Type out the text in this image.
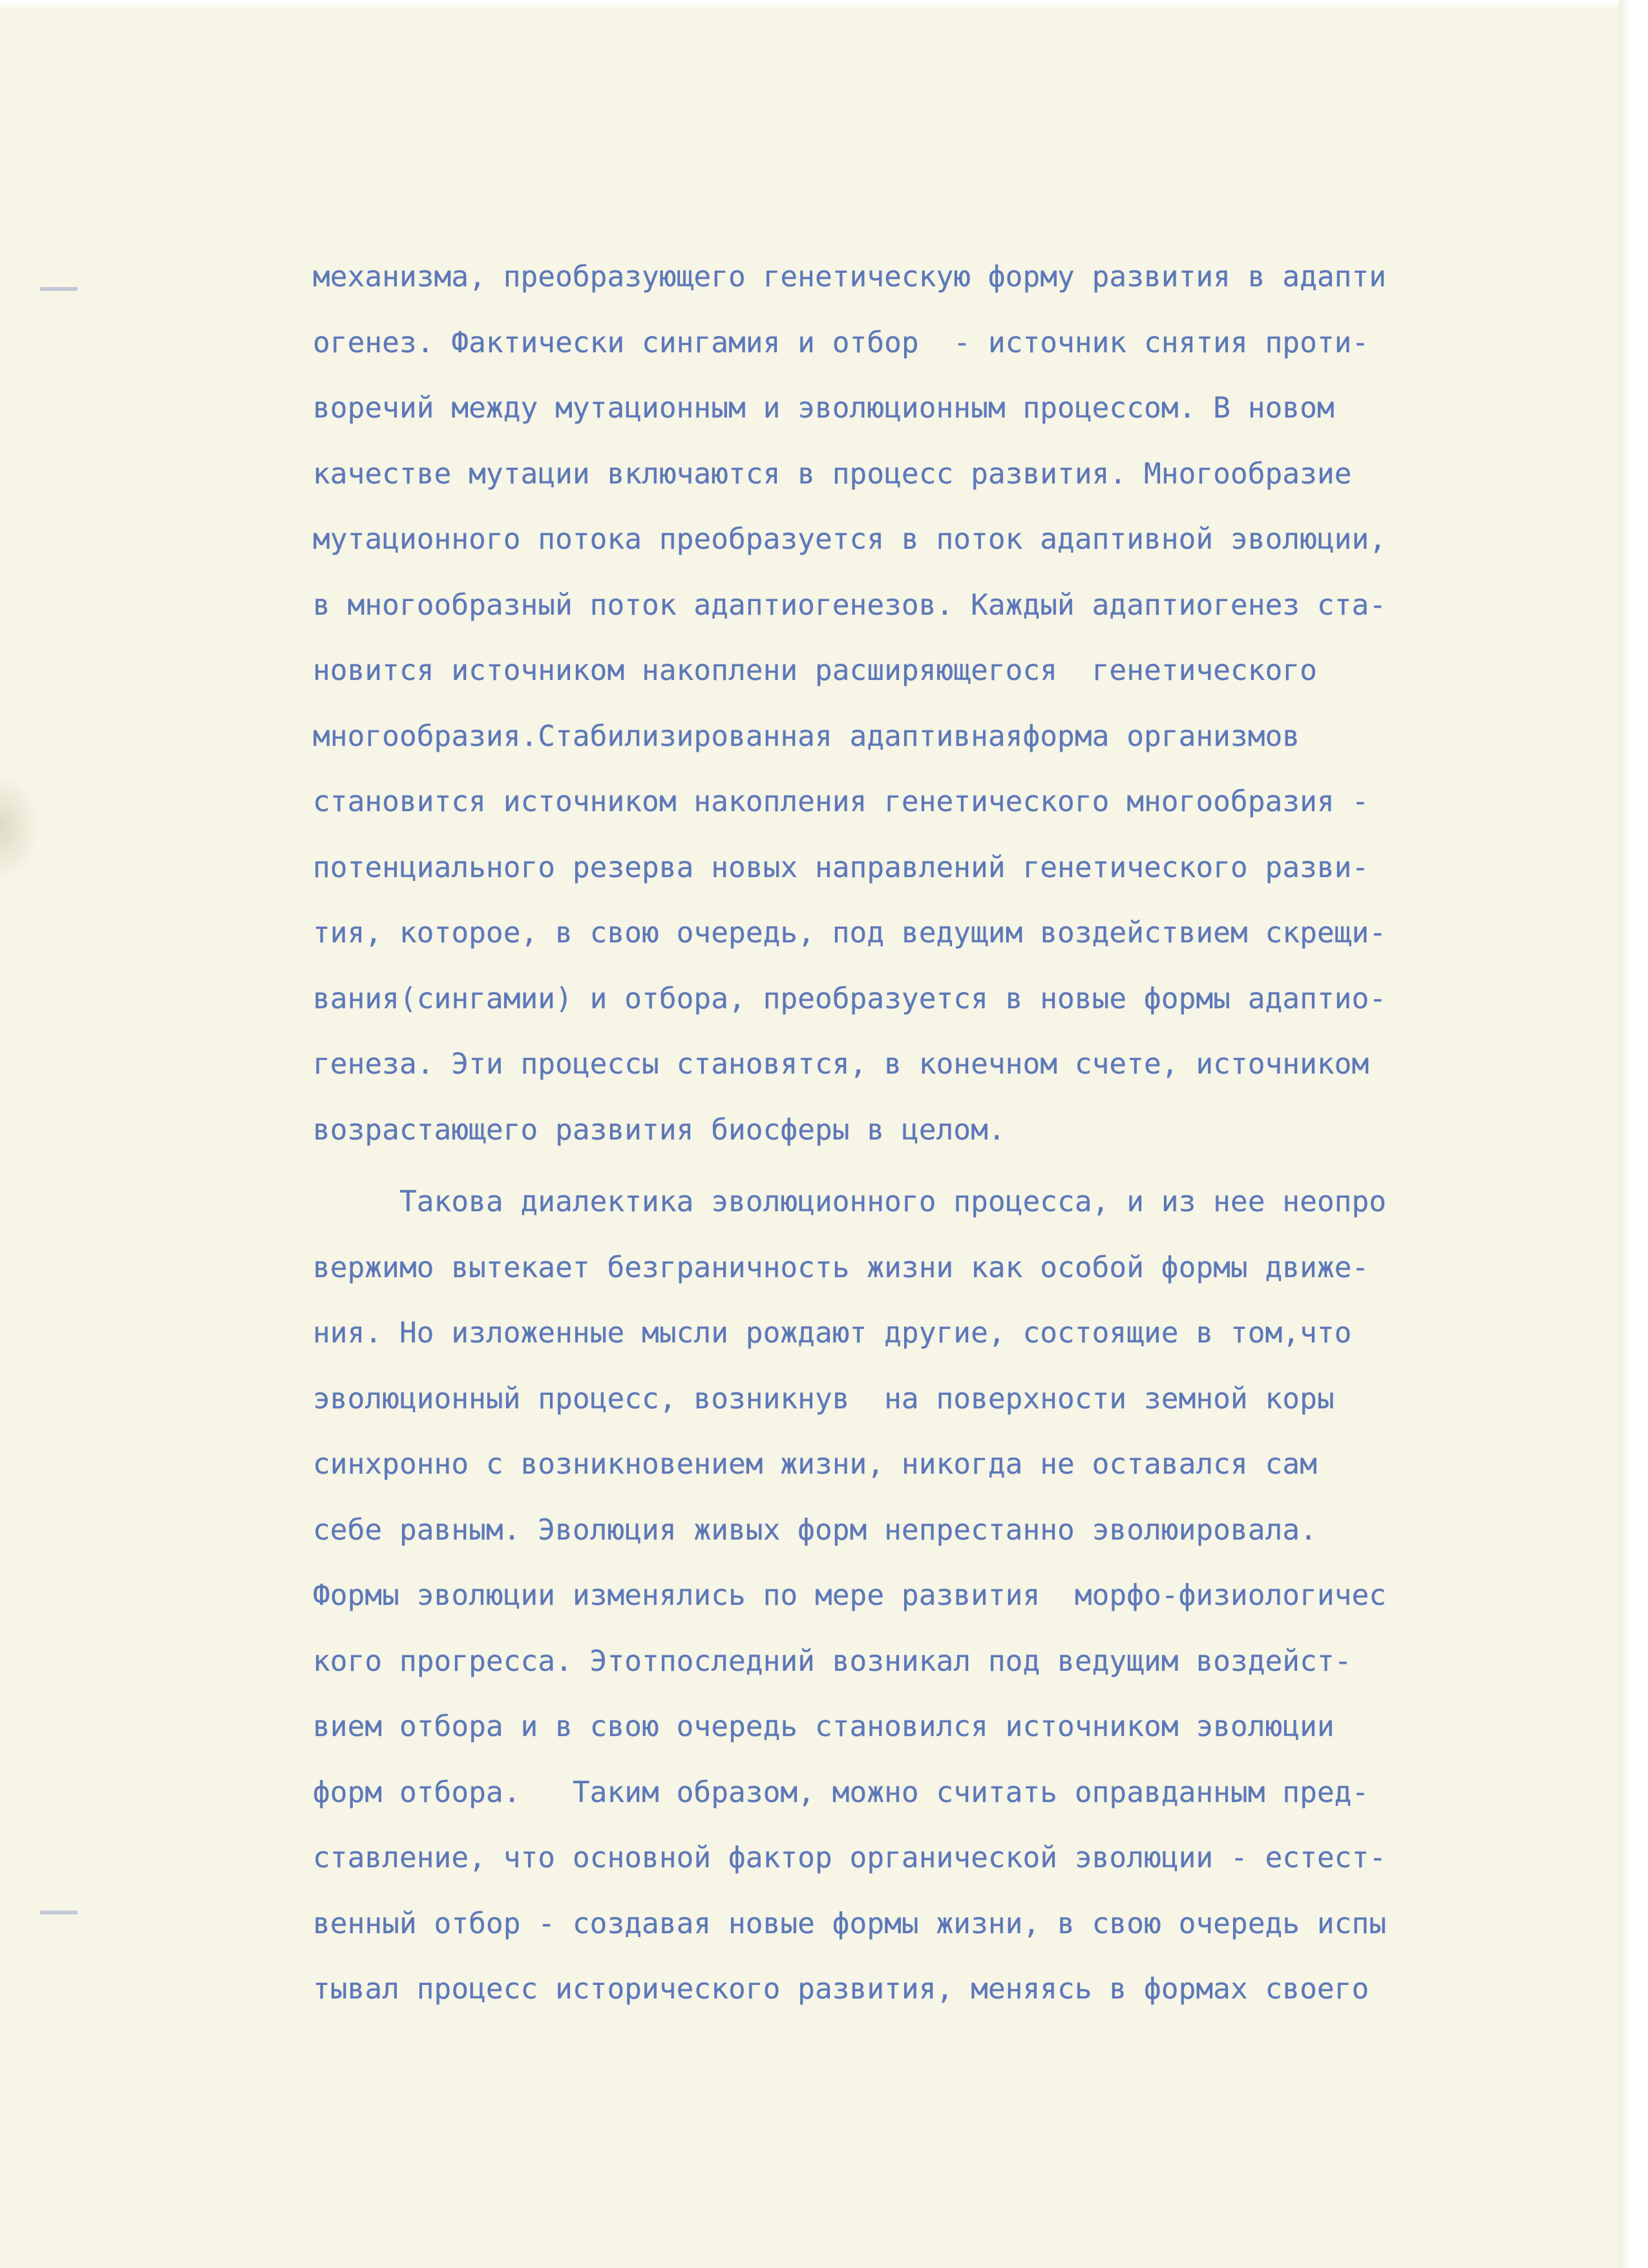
механизма, преобразующего генетическую форму развития в адапти
огенез. Фактически сингамия и отбор  - источник снятия проти-
воречий между мутационным и эволюционным процессом. В новом
качестве мутации включаются в процесс развития. Многообразие
мутационного потока преобразуется в поток адаптивной эволюции,
в многообразный поток адаптиогенезов. Каждый адаптиогенез ста-
новится источником накоплени расширяющегося  генетического
многообразия.Стабилизированная адаптивнаяформа организмов
становится источником накопления генетического многообразия -
потенциального резерва новых направлений генетического разви-
тия, которое, в свою очередь, под ведущим воздействием скрещи-
вания(сингамии) и отбора, преобразуется в новые формы адаптио-
генеза. Эти процессы становятся, в конечном счете, источником
возрастающего развития биосферы в целом.
Такова диалектика эволюционного процесса, и из нее неопро
вержимо вытекает безграничность жизни как особой формы движе-
ния. Но изложенные мысли рождают другие, состоящие в том,что
эволюционный процесс, возникнув  на поверхности земной коры
синхронно с возникновением жизни, никогда не оставался сам
себе равным. Эволюция живых форм непрестанно эволюировала.
Формы эволюции изменялись по мере развития  морфо-физиологичес
кого прогресса. Этотпоследний возникал под ведущим воздейст-
вием отбора и в свою очередь становился источником эволюции
форм отбора.   Таким образом, можно считать оправданным пред-
ставление, что основной фактор органической эволюции - естест-
венный отбор - создавая новые формы жизни, в свою очередь испы
тывал процесс исторического развития, меняясь в формах своего
